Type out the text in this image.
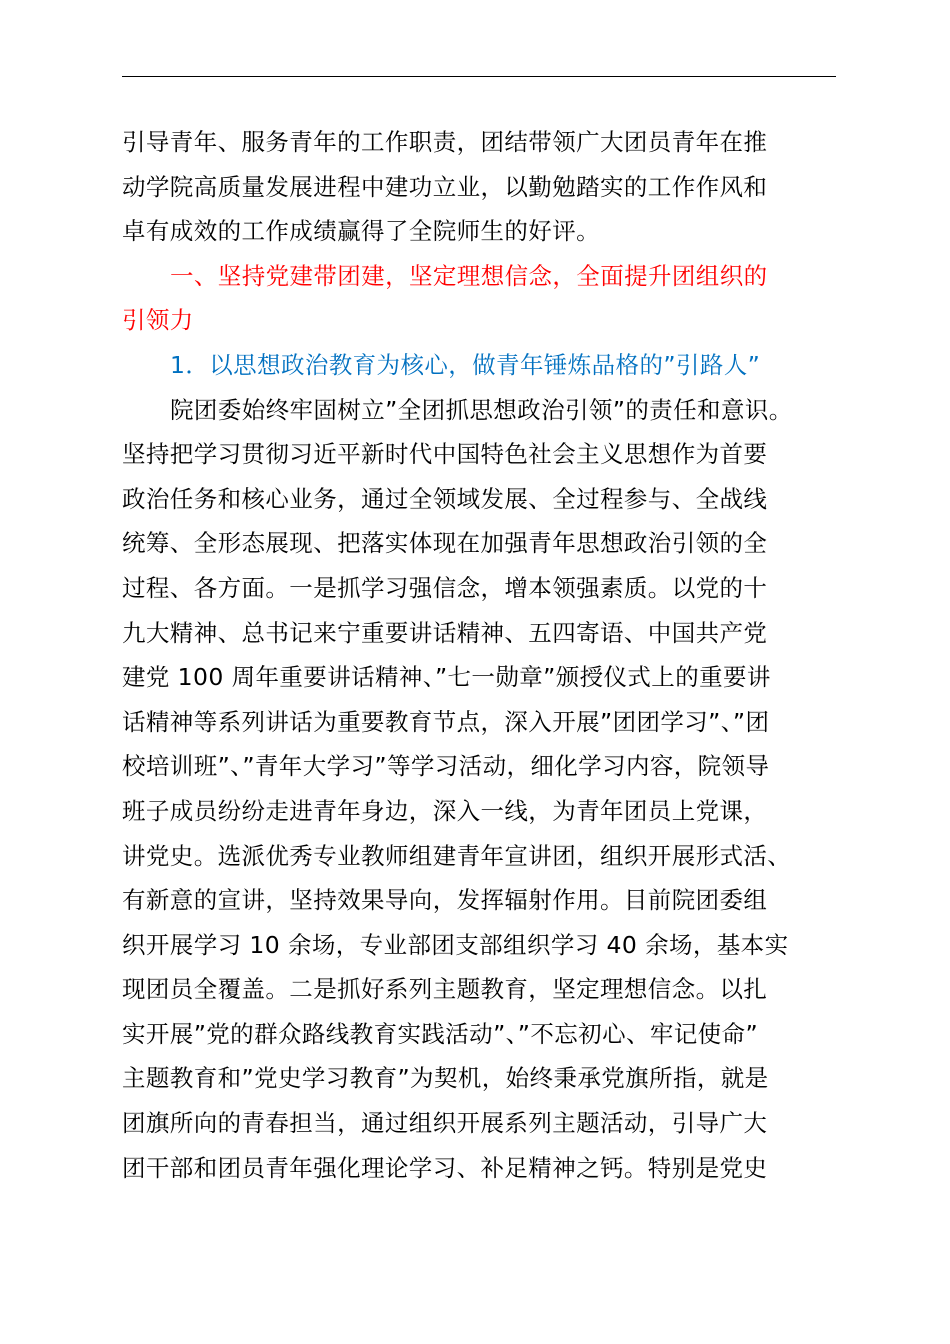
引导青年、服务青年的工作职责，团结带领广大团员青年在推

动学院高质量发展进程中建功立业，以勤勉踏实的工作作风和

卓有成效的工作成绩赢得了全院师生的好评。

一、坚持党建带团建，坚定理想信念，全面提升团组织的

引领力

1．以思想政治教育为核心，做青年锤炼品格的”引路人”

院团委始终牢固树立”全团抓思想政治引领”的责任和意识。

坚持把学习贯彻习近平新时代中国特色社会主义思想作为首要

政治任务和核心业务，通过全领域发展、全过程参与、全战线

统筹、全形态展现、把落实体现在加强青年思想政治引领的全

过程、各方面。一是抓学习强信念，增本领强素质。以党的十

九大精神、总书记来宁重要讲话精神、五四寄语、中国共产党

建党 100 周年重要讲话精神、”七一勋章”颁授仪式上的重要讲

话精神等系列讲话为重要教育节点，深入开展”团团学习”、”团

校培训班”、”青年大学习”等学习活动，细化学习内容，院领导

班子成员纷纷走进青年身边，深入一线，为青年团员上党课，

讲党史。选派优秀专业教师组建青年宣讲团，组织开展形式活、

有新意的宣讲，坚持效果导向，发挥辐射作用。目前院团委组

织开展学习 10 余场，专业部团支部组织学习 40 余场，基本实

现团员全覆盖。二是抓好系列主题教育，坚定理想信念。以扎

实开展”党的群众路线教育实践活动”、”不忘初心、牢记使命”

主题教育和”党史学习教育”为契机，始终秉承党旗所指，就是

团旗所向的青春担当，通过组织开展系列主题活动，引导广大

团干部和团员青年强化理论学习、补足精神之钙。特别是党史
